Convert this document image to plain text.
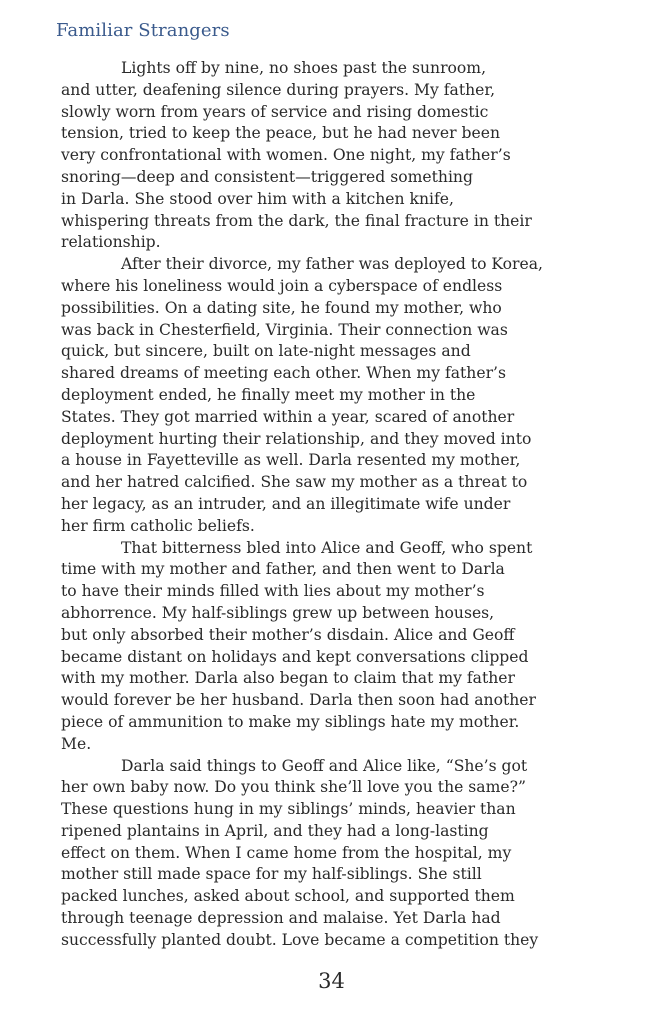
Familiar Strangers
Lights off by nine, no shoes past the sunroom,
and utter, deafening silence during prayers. My father,
slowly worn from years of service and rising domestic
tension, tried to keep the peace, but he had never been
very confrontational with women. One night, my father’s
snoring—deep and consistent—triggered something
in Darla. She stood over him with a kitchen knife,
whispering threats from the dark, the final fracture in their
relationship.
After their divorce, my father was deployed to Korea,
where his loneliness would join a cyberspace of endless
possibilities. On a dating site, he found my mother, who
was back in Chesterfield, Virginia. Their connection was
quick, but sincere, built on late-night messages and
shared dreams of meeting each other. When my father’s
deployment ended, he finally meet my mother in the
States. They got married within a year, scared of another
deployment hurting their relationship, and they moved into
a house in Fayetteville as well. Darla resented my mother,
and her hatred calcified. She saw my mother as a threat to
her legacy, as an intruder, and an illegitimate wife under
her firm catholic beliefs.
That bitterness bled into Alice and Geoff, who spent
time with my mother and father, and then went to Darla
to have their minds filled with lies about my mother’s
abhorrence. My half-siblings grew up between houses,
but only absorbed their mother’s disdain. Alice and Geoff
became distant on holidays and kept conversations clipped
with my mother. Darla also began to claim that my father
would forever be her husband. Darla then soon had another
piece of ammunition to make my siblings hate my mother.
Me.
Darla said things to Geoff and Alice like, “She’s got
her own baby now. Do you think she’ll love you the same?”
These questions hung in my siblings’ minds, heavier than
ripened plantains in April, and they had a long-lasting
effect on them. When I came home from the hospital, my
mother still made space for my half-siblings. She still
packed lunches, asked about school, and supported them
through teenage depression and malaise. Yet Darla had
successfully planted doubt. Love became a competition they

34
